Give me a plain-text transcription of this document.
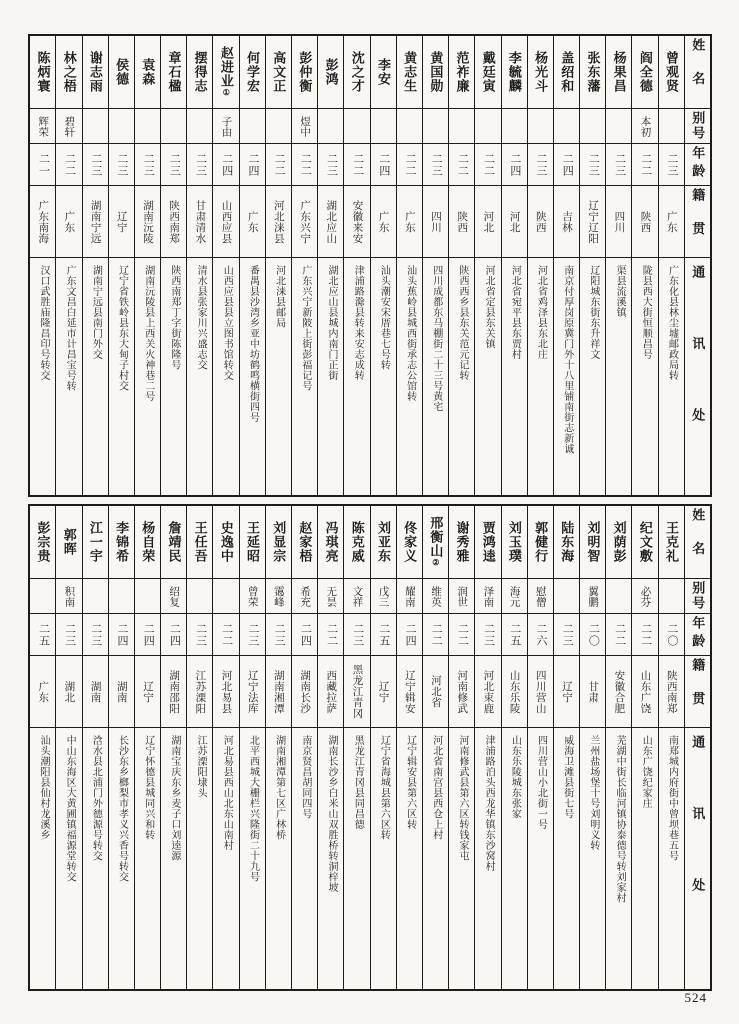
姓名
别号
年龄
籍贯
通讯处
曾观贤
二三
广东
广东化县林尘墟邮政局转
阎全德
本初
二二
陕西
陇县西大街恒顺昌号
杨果昌
二三
四川
渠县流溪镇
张东藩
二三
辽宁辽阳
辽阳城东街东升祥文
盖绍和
二四
吉林
南京付厚岗原冀门外十八里铺南街志新诚
杨光斗
二三
陕西
河北省鸡泽县东北庄
李毓麟
二四
河北
河北省宛平县东贾村
戴廷寅
二二
河北
河北省定县东关镇
范祚廉
二二
陕西
陕西西乡县东关范元记转
黄国勋
二三
四川
四川成都东马棚街二十三号黄宅
黄志生
二二
广东
汕头蕉岭县城西街承志公馆转
李安
二四
广东
汕头潮安宋厝巷七号转
沈之才
二二
安徽来安
津浦路滁县转来安志成转
彭鸿
二三
湖北应山
湖北应山县城内南门正街
彭仲衡
煜中
二二
广东兴宁
广东兴宁新陂上街彭福记号
高文正
二二
河北涞县
河北涞县邮局
何学宏
二四
广东
番禺县沙湾乡亚中坊鹤鸣横街四号
赵进业①
子由
二四
山西应县
山西应县县立图书馆转交
摆得志
二三
甘肃清水
清水县张家川兴盛志交
章石楹
二三
陕西南郑
陕西南郑丁字街陈隆号
袁森
二三
湖南沅陵
湖南沅陵县上西关火神巷二号
侯德
二三
辽宁
辽宁省铁岭县东大甸子村交
谢志雨
二三
湖南宁远
湖南宁远县南门外交
林之梧
碧轩
二二
广东
广东文昌白延市计昌宝号转
陈炳寰
辉荣
二一
广东南海
汉口武胜庙隆昌印号转交
姓名
别号
年龄
籍贯
通讯处
王克礼
二〇
陕西南郑
南郑城内府街中曾坝巷五号
纪文敷
必芬
二二
山东广饶
山东广饶纪家庄
刘荫彭
二二
安徽合肥
芜湖中街长临河镇协泰德号转刘家村
刘明智
翼鹏
二〇
甘肃
兰州盐场堡十号刘明义转
陆东海
二三
辽宁
威海卫滩县街七号
郭健行
慰僧
二六
四川营山
四川营山小北街一号
刘玉璞
海元
二五
山东乐陵
山东乐陵城东张家
贾鸿逵
泽南
二三
河北束鹿
津浦路泊头西龙华镇东沙窝村
谢秀雅
润世
二二
河南修武
河南修武县第六区转钱家屯
邢衡山②
维英
二二
河北省
河北省南宫县西仓上村
佟家义
耀南
二四
辽宁辑安
辽宁辑安县第六区转
刘亚东
戊三
二五
辽宁
辽宁省海城县第六区转
陈克威
文祥
二三
黑龙江青冈
黑龙江青冈县同昌德
冯琪亮
无昙
二二
西藏拉萨
湖南长沙乡白米山双胜桥转洞梓坡
赵家梧
希充
二四
湖南长沙
南京贤昌胡同四号
刘显宗
霭峰
二三
湖南湘潭
湖南湘潭第七区广林桥
王延昭
曾荣
二三
辽宁法库
北平西城大栅栏兴隆街二十九号
史逸中
二二
河北易县
河北易县西山北东山南村
王任吾
二三
江苏溧阳
江苏溧阳埭头
詹靖民
绍复
二四
湖南邵阳
湖南宝庆东乡麦子口刘逵源
杨自荣
二四
辽宁
辽宁怀德县城同兴和转
李锦希
二四
湖南
长沙东乡榔梨市孝义兴香号转交
江一宇
二三
湖南
浛水县北浦门外德源号转交
郭晖
积南
二三
湖北
中山东海区大黄圃镇福源堂转交
彭宗贵
二五
广东
汕头潮阳县仙村龙溪乡
524
